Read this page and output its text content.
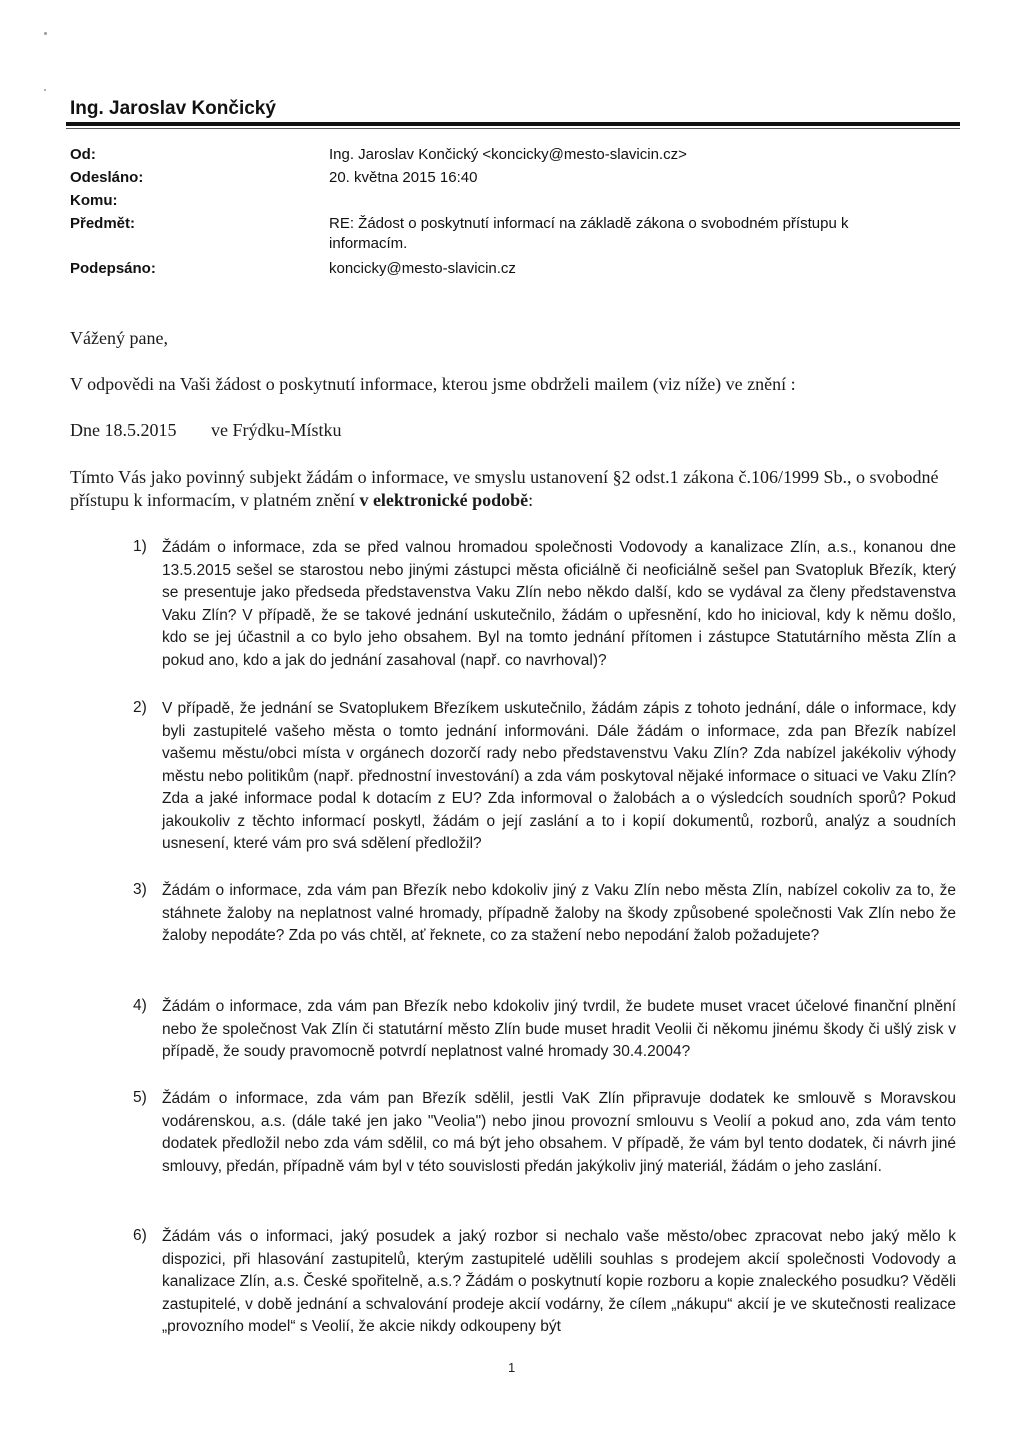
Ing. Jaroslav Končický
Od:	Ing. Jaroslav Končický <koncicky@mesto-slavicin.cz>
Odesláno:	20. května 2015 16:40
Komu:
Předmět:	RE: Žádost o poskytnutí informací na základě zákona o svobodném přístupu k informacím.
Podepsáno:	koncicky@mesto-slavicin.cz
Vážený pane,
V odpovědi na Vaši žádost o poskytnutí informace, kterou jsme obdrželi mailem (viz níže) ve znění :
Dne 18.5.2015 ve Frýdku-Místku
Tímto Vás jako povinný subjekt žádám o informace, ve smyslu ustanovení §2 odst.1 zákona č.106/1999 Sb., o svobodné přístupu k informacím, v platném znění v elektronické podobě:
1) Žádám o informace, zda se před valnou hromadou společnosti Vodovody a kanalizace Zlín, a.s., konanou dne 13.5.2015 sešel se starostou nebo jinými zástupci města oficiálně či neoficiálně sešel pan Svatopluk Březík, který se presentuje jako předseda představenstva Vaku Zlín nebo někdo další, kdo se vydával za členy představenstva Vaku Zlín? V případě, že se takové jednání uskutečnilo, žádám o upřesnění, kdo ho inicioval, kdy k němu došlo, kdo se jej účastnil a co bylo jeho obsahem. Byl na tomto jednání přítomen i zástupce Statutárního města Zlín a pokud ano, kdo a jak do jednání zasahoval (např. co navrhoval)?
2) V případě, že jednání se Svatoplukem Březíkem uskutečnilo, žádám zápis z tohoto jednání, dále o informace, kdy byli zastupitelé vašeho města o tomto jednání informováni. Dále žádám o informace, zda pan Březík nabízel vašemu městu/obci místa v orgánech dozorčí rady nebo představenstvu Vaku Zlín? Zda nabízel jakékoliv výhody městu nebo politikům (např. přednostní investování) a zda vám poskytoval nějaké informace o situaci ve Vaku Zlín? Zda a jaké informace podal k dotacím z EU? Zda informoval o žalobách a o výsledcích soudních sporů? Pokud jakoukoliv z těchto informací poskytl, žádám o její zaslání a to i kopií dokumentů, rozborů, analýz a soudních usnesení, které vám pro svá sdělení předložil?
3) Žádám o informace, zda vám pan Březík nebo kdokoliv jiný z Vaku Zlín nebo města Zlín, nabízel cokoliv za to, že stáhnete žaloby na neplatnost valné hromady, případně žaloby na škody způsobené společnosti Vak Zlín nebo že žaloby nepodáte? Zda po vás chtěl, ať řeknete, co za stažení nebo nepodání žalob požadujete?
4) Žádám o informace, zda vám pan Březík nebo kdokoliv jiný tvrdil, že budete muset vracet účelové finanční plnění nebo že společnost Vak Zlín či statutární město Zlín bude muset hradit Veolii či někomu jinému škody či ušlý zisk v případě, že soudy pravomocně potvrdí neplatnost valné hromady 30.4.2004?
5) Žádám o informace, zda vám pan Březík sdělil, jestli VaK Zlín připravuje dodatek ke smlouvě s Moravskou vodárenskou, a.s. (dále také jen jako "Veolia") nebo jinou provozní smlouvu s Veolií a pokud ano, zda vám tento dodatek předložil nebo zda vám sdělil, co má být jeho obsahem. V případě, že vám byl tento dodatek, či návrh jiné smlouvy, předán, případně vám byl v této souvislosti předán jakýkoliv jiný materiál, žádám o jeho zaslání.
6) Žádám vás o informaci, jaký posudek a jaký rozbor si nechalo vaše město/obec zpracovat nebo jaký mělo k dispozici, při hlasování zastupitelů, kterým zastupitelé udělili souhlas s prodejem akcií společnosti Vodovody a kanalizace Zlín, a.s. České spořitelně, a.s.? Žádám o poskytnutí kopie rozboru a kopie znaleckého posudku? Věděli zastupitelé, v době jednání a schvalování prodeje akcií vodárny, že cílem „nákupu“ akcií je ve skutečnosti realizace „provozního model“ s Veolií, že akcie nikdy odkoupeny být
1
